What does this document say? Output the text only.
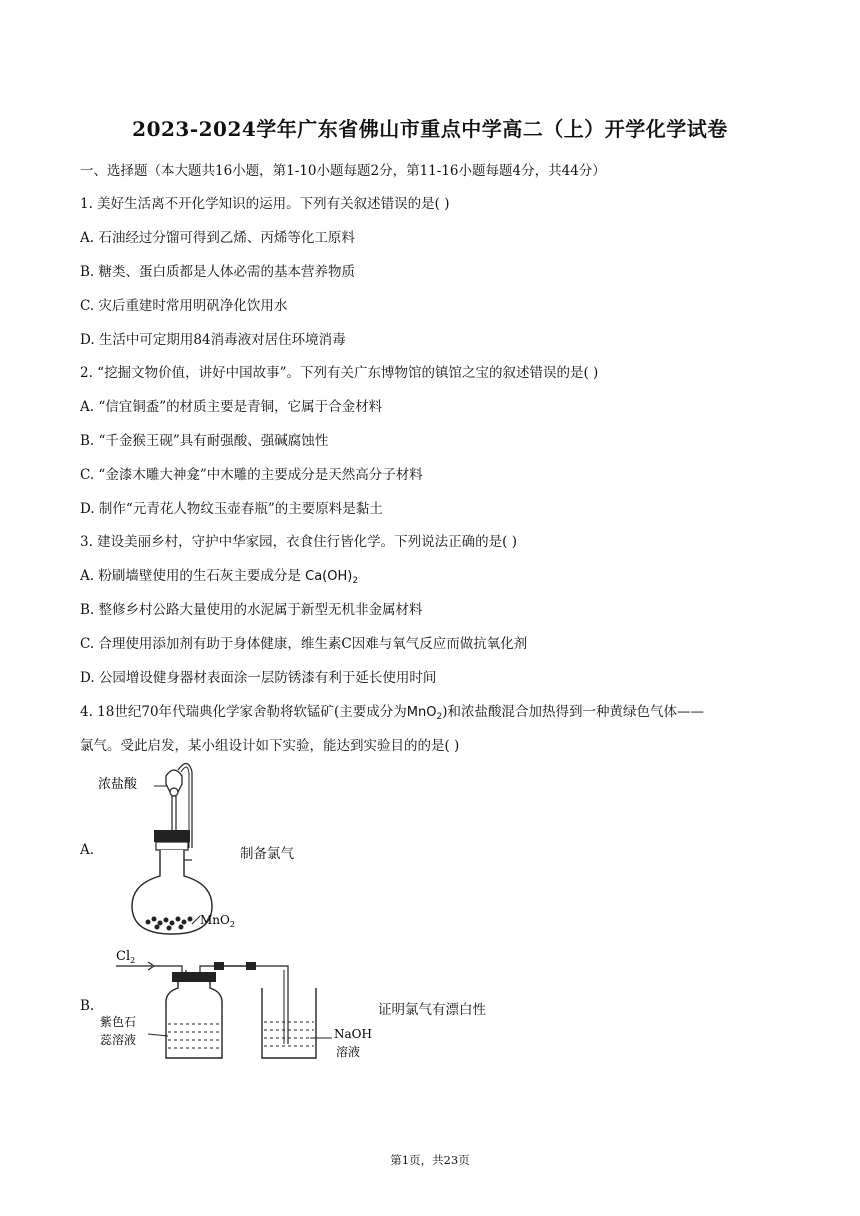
2023-2024学年广东省佛山市重点中学高二（上）开学化学试卷
一、选择题（本大题共16小题，第1-10小题每题2分，第11-16小题每题4分，共44分）
1. 美好生活离不开化学知识的运用。下列有关叙述错误的是( )
A. 石油经过分馏可得到乙烯、丙烯等化工原料
B. 糖类、蛋白质都是人体必需的基本营养物质
C. 灾后重建时常用明矾净化饮用水
D. 生活中可定期用84消毒液对居住环境消毒
2. “挖掘文物价值，讲好中国故事”。下列有关广东博物馆的镇馆之宝的叙述错误的是( )
A. “信宜铜盉”的材质主要是青铜，它属于合金材料
B. “千金猴王砚”具有耐强酸、强碱腐蚀性
C. “金漆木雕大神龛”中木雕的主要成分是天然高分子材料
D. 制作“元青花人物纹玉壶春瓶”的主要原料是黏土
3. 建设美丽乡村，守护中华家园，衣食住行皆化学。下列说法正确的是( )
A. 粉刷墙壁使用的生石灰主要成分是 $Ca(OH)_2$
B. 整修乡村公路大量使用的水泥属于新型无机非金属材料
C. 合理使用添加剂有助于身体健康，维生素C因难与氧气反应而做抗氧化剂
D. 公园增设健身器材表面涂一层防锈漆有利于延长使用时间
4. 18世纪70年代瑞典化学家舍勒将软锰矿(主要成分为MnO$_2$)和浓盐酸混合加热得到一种黄绿色气体——
氯气。受此启发，某小组设计如下实验，能达到实验目的的是( )
A.	制备氯气
浓盐酸
MnO$_2$
B.	证明氯气有漂白性
$Cl_2$
紫色石
蕊溶液	NaOH
溶液
第1页，共23页
